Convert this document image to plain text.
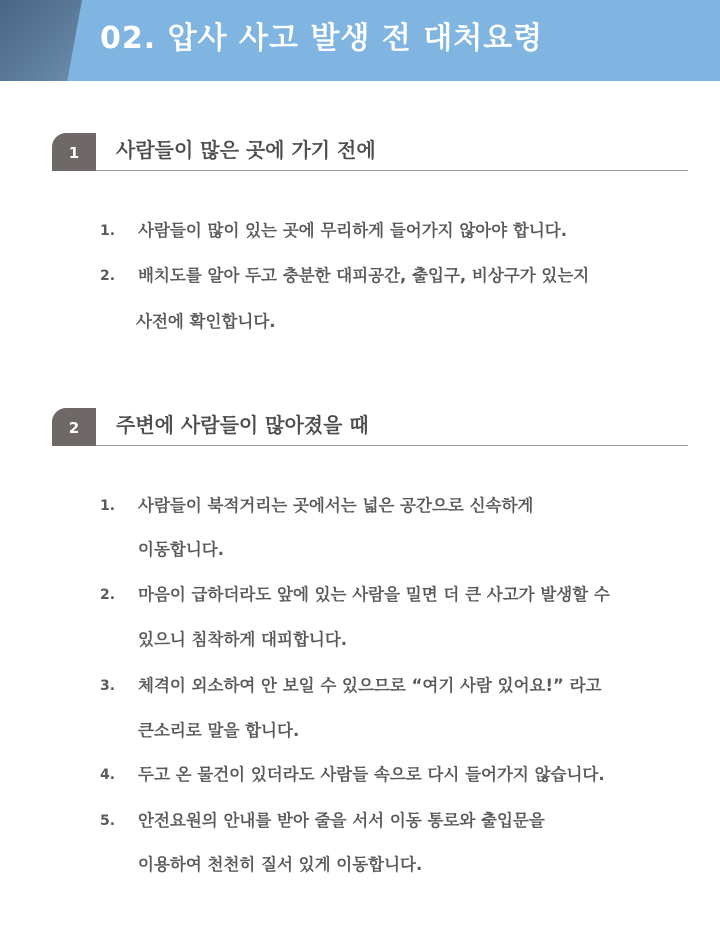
02. 압사 사고 발생 전 대처요령
1	사람들이 많은 곳에 가기 전에
1. 사람들이 많이 있는 곳에 무리하게 들어가지 않아야 합니다.
2. 배치도를 알아 두고 충분한 대피공간, 출입구, 비상구가 있는지
사전에 확인합니다.
2	주변에 사람들이 많아졌을 때
1. 사람들이 북적거리는 곳에서는 넓은 공간으로 신속하게
이동합니다.
2. 마음이 급하더라도 앞에 있는 사람을 밀면 더 큰 사고가 발생할 수
있으니 침착하게 대피합니다.
3. 체격이 외소하여 안 보일 수 있으므로 “여기 사람 있어요!” 라고
큰소리로 말을 합니다.
4. 두고 온 물건이 있더라도 사람들 속으로 다시 들어가지 않습니다.
5. 안전요원의 안내를 받아 줄을 서서 이동 통로와 출입문을
이용하여 천천히 질서 있게 이동합니다.
